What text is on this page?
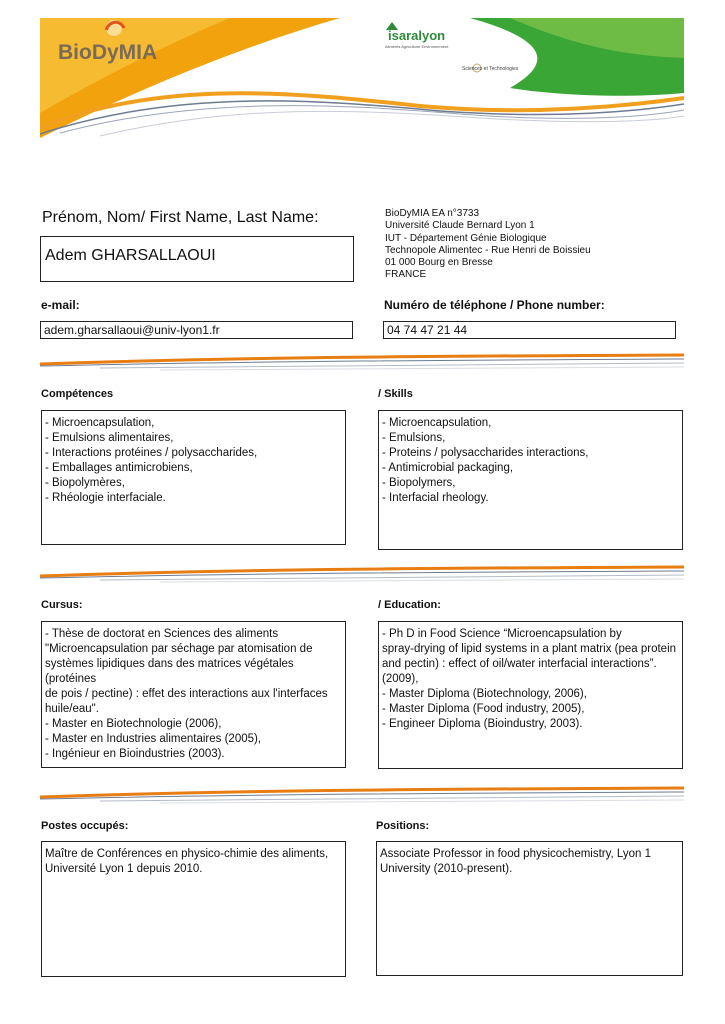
BioDyMIA
isaralyon
Aliments Agriculture Environnement
Sciences et Technologies
Prénom, Nom/ First Name, Last Name:
Adem GHARSALLAOUI
BioDyMIA EA n°3733
Université Claude Bernard Lyon 1
IUT - Département Génie Biologique
Technopole Alimentec - Rue Henri de Boissieu
01 000 Bourg en Bresse
FRANCE
e-mail:
adem.gharsallaoui@univ-lyon1.fr
Numéro de téléphone / Phone number:
04 74 47 21 44
Compétences	/ Skills
- Microencapsulation,
- Emulsions alimentaires,
- Interactions protéines / polysaccharides,
- Emballages antimicrobiens,
- Biopolymères,
- Rhéologie interfaciale.
- Microencapsulation,
- Emulsions,
- Proteins / polysaccharides interactions,
- Antimicrobial packaging,
- Biopolymers,
- Interfacial rheology.
Cursus:	/ Education:
- Thèse de doctorat en Sciences des aliments
"Microencapsulation par séchage par atomisation de
systèmes lipidiques dans des matrices végétales (protéines
de pois / pectine) : effet des interactions aux l'interfaces
huile/eau".
- Master en Biotechnologie (2006),
- Master en Industries alimentaires (2005),
- Ingénieur en Bioindustries (2003).
- Ph D in Food Science “Microencapsulation by
spray-drying of lipid systems in a plant matrix (pea protein
and pectin) : effect of oil/water interfacial interactions”.
(2009),
- Master Diploma (Biotechnology, 2006),
- Master Diploma (Food industry, 2005),
- Engineer Diploma (Bioindustry, 2003).
Postes occupés:	Positions:
Maître de Conférences en physico-chimie des aliments,
Université Lyon 1 depuis 2010.
Associate Professor in food physicochemistry, Lyon 1
University (2010-present).
